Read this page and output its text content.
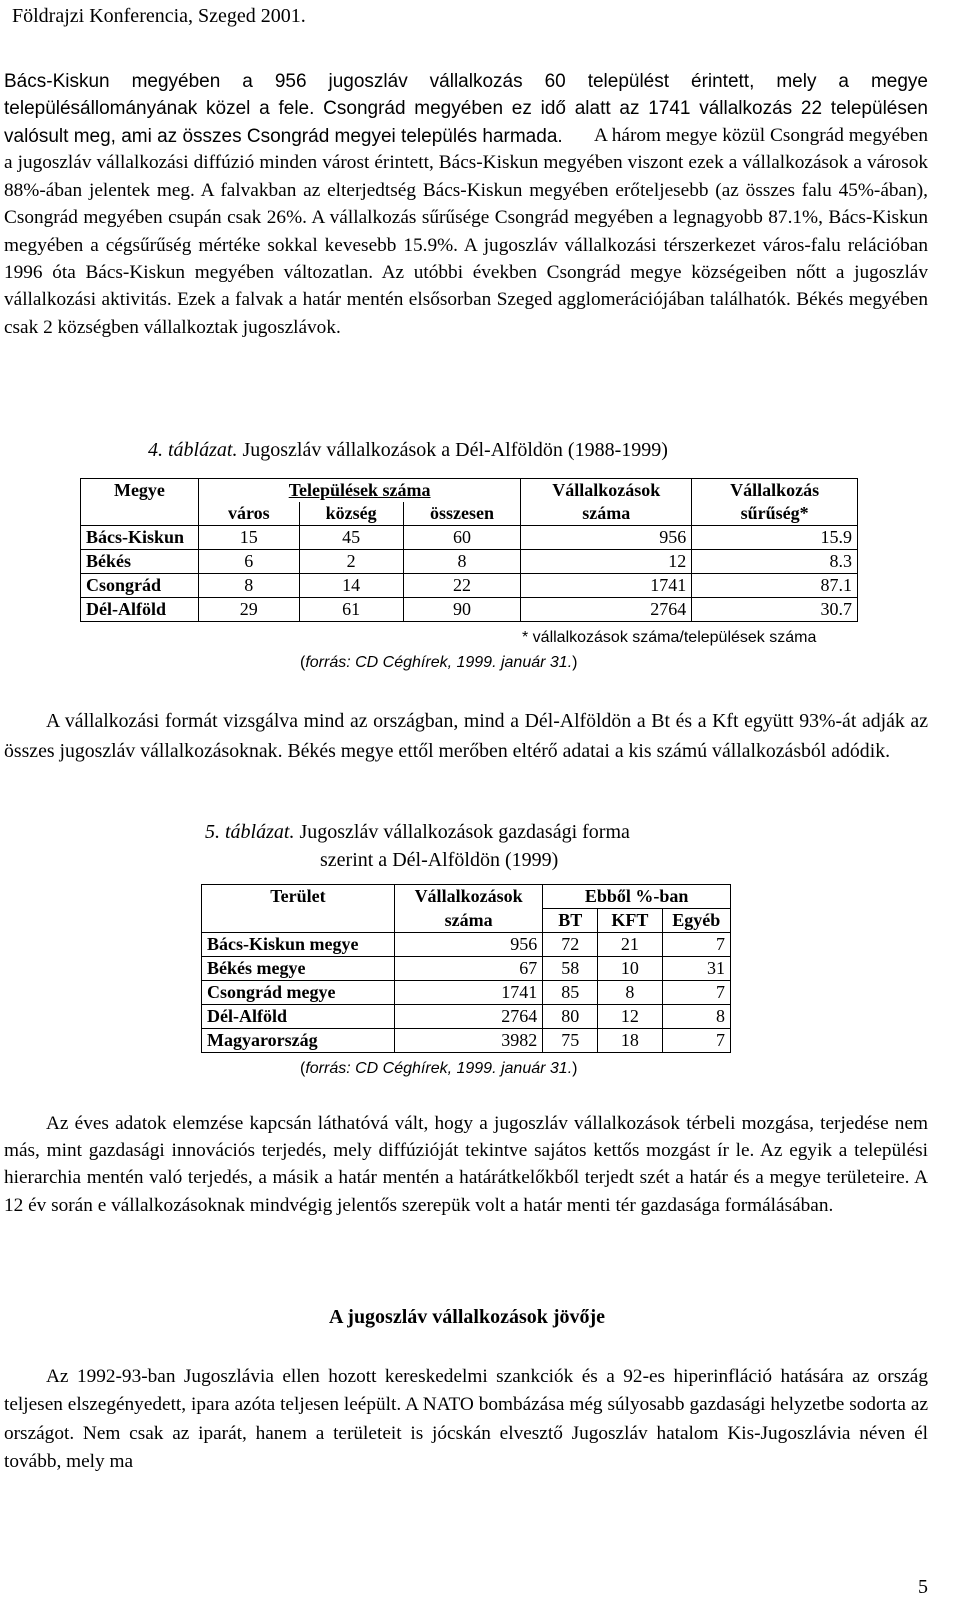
Földrajzi Konferencia, Szeged 2001.

Bács-Kiskun megyében a 956 jugoszláv vállalkozás 60 települést érintett, mely a megye településállományának közel a fele. Csongrád megyében ez idő alatt az 1741 vállalkozás 22 településen valósult meg, ami az összes Csongrád megyei település harmada.	A három megye közül Csongrád megyében a jugoszláv vállalkozási diffúzió minden várost érintett, Bács-Kiskun megyében viszont ezek a vállalkozások a városok 88%-ában jelentek meg. A falvakban az elterjedtség Bács-Kiskun megyében erőteljesebb (az összes falu 45%-ában), Csongrád megyében csupán csak 26%. A vállalkozás sűrűsége Csongrád megyében a legnagyobb 87.1%, Bács-Kiskun megyében a cégsűrűség mértéke sokkal kevesebb 15.9%. A jugoszláv vállalkozási térszerkezet város-falu relációban 1996 óta Bács-Kiskun megyében változatlan. Az utóbbi években Csongrád megye községeiben nőtt a jugoszláv vállalkozási aktivitás. Ezek a falvak a határ mentén elsősorban Szeged agglomerációjában találhatók. Békés megyében csak 2 községben vállalkoztak jugoszlávok.

4. táblázat. Jugoszláv vállalkozások a Dél-Alföldön (1988-1999)
Megye	Települések száma			Vállalkozások	Vállalkozás
	város	község	összesen	száma	sűrűség*
Bács-Kiskun	15	45	60	956	15.9
Békés	6	2	8	12	8.3
Csongrád	8	14	22	1741	87.1
Dél-Alföld	29	61	90	2764	30.7
* vállalkozások száma/települések száma
(forrás: CD Céghírek, 1999. január 31.)

A vállalkozási formát vizsgálva mind az országban, mind a Dél-Alföldön a Bt és a Kft együtt 93%-át adják az összes jugoszláv vállalkozásoknak. Békés megye ettől merőben eltérő adatai a kis számú vállalkozásból adódik.

5. táblázat. Jugoszláv vállalkozások gazdasági forma
szerint a Dél-Alföldön (1999)
Terület	Vállalkozások	Ebből %-ban		
	száma	BT	KFT	Egyéb
Bács-Kiskun megye	956	72	21	7
Békés megye	67	58	10	31
Csongrád megye	1741	85	8	7
Dél-Alföld	2764	80	12	8
Magyarország	3982	75	18	7
(forrás: CD Céghírek, 1999. január 31.)

Az éves adatok elemzése kapcsán láthatóvá vált, hogy a jugoszláv vállalkozások térbeli mozgása, terjedése nem más, mint gazdasági innovációs terjedés, mely diffúzióját tekintve sajátos kettős mozgást ír le. Az egyik a települési hierarchia mentén való terjedés, a másik a határ mentén a határátkelőkből terjedt szét a határ és a megye területeire. A 12 év során e vállalkozásoknak mindvégig jelentős szerepük volt a határ menti tér gazdasága formálásában.

A jugoszláv vállalkozások jövője

Az 1992-93-ban Jugoszlávia ellen hozott kereskedelmi szankciók és a 92-es hiperinfláció hatására az ország teljesen elszegényedett, ipara azóta teljesen leépült. A NATO bombázása még súlyosabb gazdasági helyzetbe sodorta az országot. Nem csak az iparát, hanem a területeit is jócskán elvesztő Jugoszláv hatalom Kis-Jugoszlávia néven él tovább, mely ma

5
